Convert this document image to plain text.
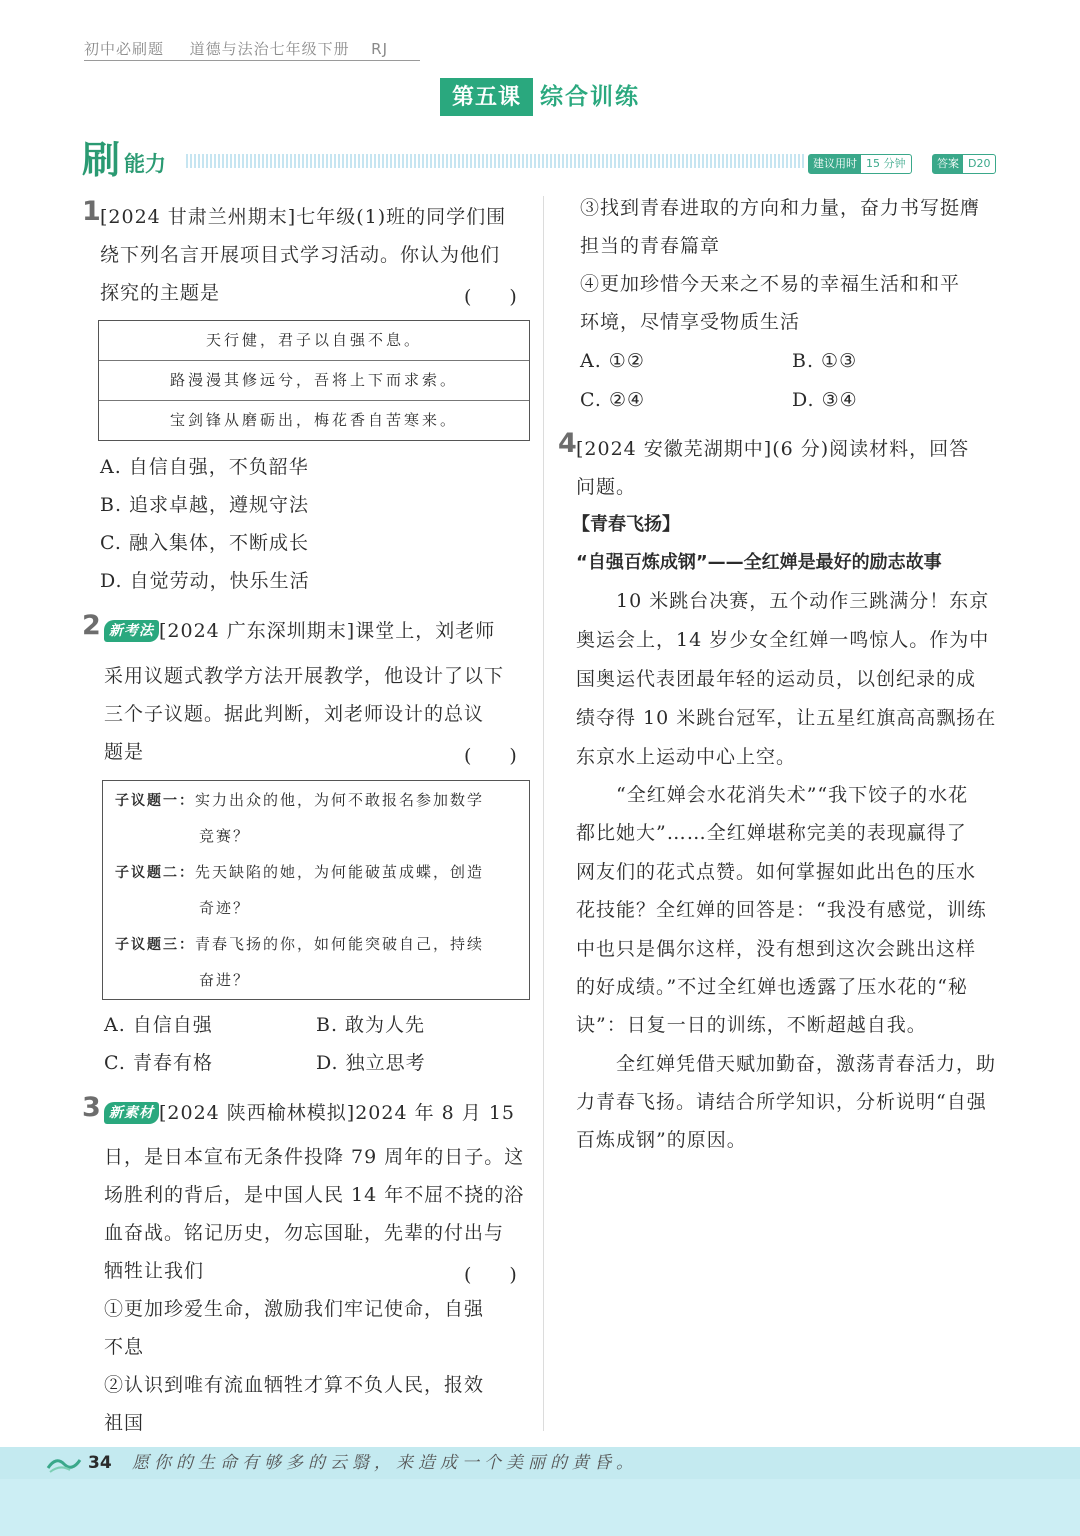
初中必刷题 道德与法治七年级下册 RJ
第五课 综合训练
刷 能力	建议用时 15 分钟	答案 D20
1 [2024 甘肃兰州期末]七年级(1)班的同学们围
绕下列名言开展项目式学习活动。你认为他们
探究的主题是	(　　)
天行健，君子以自强不息。
路漫漫其修远兮，吾将上下而求索。
宝剑锋从磨砺出，梅花香自苦寒来。
A. 自信自强，不负韶华
B. 追求卓越，遵规守法
C. 融入集体，不断成长
D. 自觉劳动，快乐生活
2 新考法 [2024 广东深圳期末]课堂上，刘老师
采用议题式教学方法开展教学，他设计了以下
三个子议题。据此判断，刘老师设计的总议
题是	(　　)
子议题一：实力出众的他，为何不敢报名参加数学
竞赛？
子议题二：先天缺陷的她，为何能破茧成蝶，创造
奇迹？
子议题三：青春飞扬的你，如何能突破自己，持续
奋进？
A. 自信自强	B. 敢为人先
C. 青春有格	D. 独立思考
3 新素材 [2024 陕西榆林模拟]2024 年 8 月 15
日，是日本宣布无条件投降 79 周年的日子。这
场胜利的背后，是中国人民 14 年不屈不挠的浴
血奋战。铭记历史，勿忘国耻，先辈的付出与
牺牲让我们	(　　)
①更加珍爱生命，激励我们牢记使命，自强
不息
②认识到唯有流血牺牲才算不负人民，报效
祖国
③找到青春进取的方向和力量，奋力书写挺膺
担当的青春篇章
④更加珍惜今天来之不易的幸福生活和和平
环境，尽情享受物质生活
A. ①②	B. ①③
C. ②④	D. ③④
4 [2024 安徽芜湖期中](6 分)阅读材料，回答
问题。
【青春飞扬】
“自强百炼成钢”——全红婵是最好的励志故事
　　10 米跳台决赛，五个动作三跳满分！东京
奥运会上，14 岁少女全红婵一鸣惊人。作为中
国奥运代表团最年轻的运动员，以创纪录的成
绩夺得 10 米跳台冠军，让五星红旗高高飘扬在
东京水上运动中心上空。
　　“全红婵会水花消失术”“我下饺子的水花
都比她大”……全红婵堪称完美的表现赢得了
网友们的花式点赞。如何掌握如此出色的压水
花技能？全红婵的回答是：“我没有感觉，训练
中也只是偶尔这样，没有想到这次会跳出这样
的好成绩。”不过全红婵也透露了压水花的“秘
诀”：日复一日的训练，不断超越自我。
　　全红婵凭借天赋加勤奋，激荡青春活力，助
力青春飞扬。请结合所学知识，分析说明“自强
百炼成钢”的原因。
34 愿你的生命有够多的云翳，来造成一个美丽的黄昏。
